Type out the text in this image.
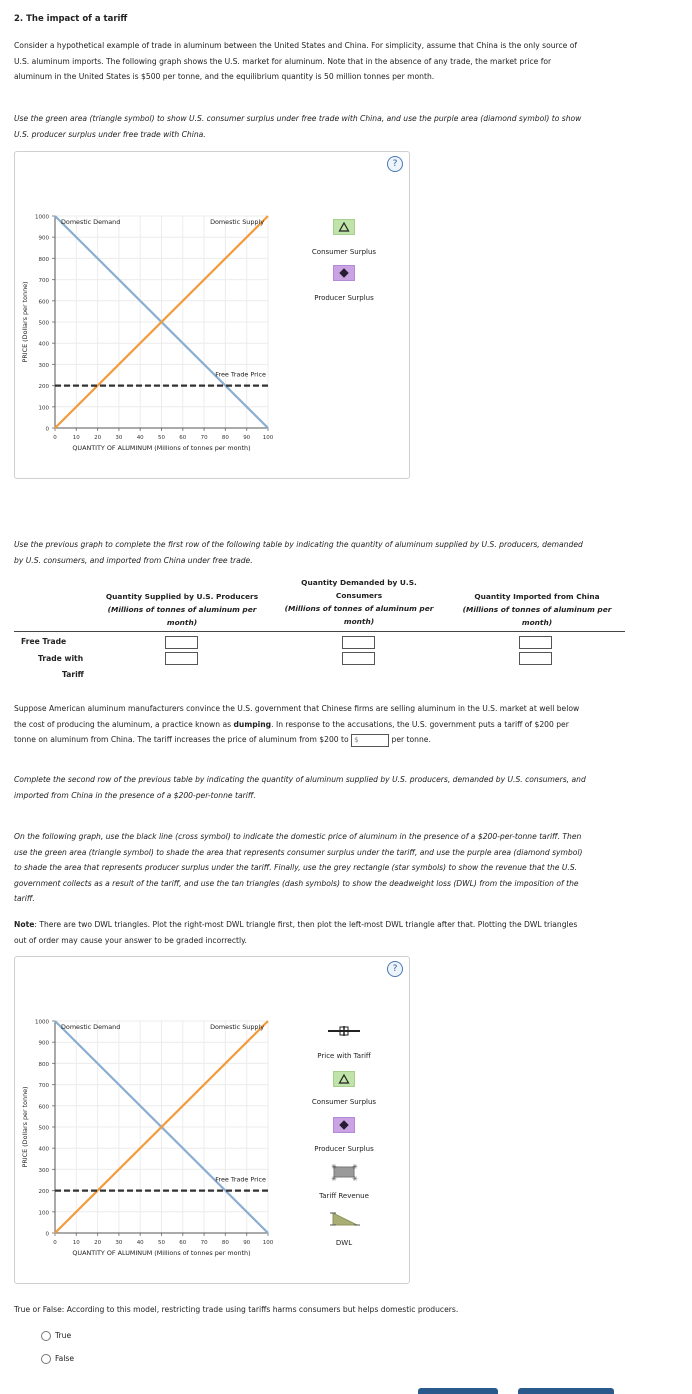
2. The impact of a tariff
Consider a hypothetical example of trade in aluminum between the United States and China. For simplicity, assume that China is the only source of
U.S. aluminum imports. The following graph shows the U.S. market for aluminum. Note that in the absence of any trade, the market price for
aluminum in the United States is $500 per tonne, and the equilibrium quantity is 50 million tonnes per month.
Use the green area (triangle symbol) to show U.S. consumer surplus under free trade with China, and use the purple area (diamond symbol) to show
U.S. producer surplus under free trade with China.
?
0
100
200
300
400
500
600
700
800
900
1000
0	10	20	30	40	50	60	70	80	90 100
QUANTITY OF ALUMINUM (Millions of tonnes per month)
PRICE (Dollars per tonne)
Domestic Demand	Domestic Supply
Free Trade Price
Consumer Surplus
Producer Surplus
Use the previous graph to complete the first row of the following table by indicating the quantity of aluminum supplied by U.S. producers, demanded
by U.S. consumers, and imported from China under free trade.
Quantity Supplied by U.S. Producers
(Millions of tonnes of aluminum per
month)
Quantity Demanded by U.S.
Consumers
(Millions of tonnes of aluminum per
month)
Quantity Imported from China
(Millions of tonnes of aluminum per
month)
Free Trade
Trade with
Tariff
Suppose American aluminum manufacturers convince the U.S. government that Chinese firms are selling aluminum in the U.S. market at well below
the cost of producing the aluminum, a practice known as dumping. In response to the accusations, the U.S. government puts a tariff of $200 per
tonne on aluminum from China. The tariff increases the price of aluminum from $200 to $	per tonne.
Complete the second row of the previous table by indicating the quantity of aluminum supplied by U.S. producers, demanded by U.S. consumers, and
imported from China in the presence of a $200-per-tonne tariff.
On the following graph, use the black line (cross symbol) to indicate the domestic price of aluminum in the presence of a $200-per-tonne tariff. Then
use the green area (triangle symbol) to shade the area that represents consumer surplus under the tariff, and use the purple area (diamond symbol)
to shade the area that represents producer surplus under the tariff. Finally, use the grey rectangle (star symbols) to show the revenue that the U.S.
government collects as a result of the tariff, and use the tan triangles (dash symbols) to show the deadweight loss (DWL) from the imposition of the
tariff.
Note: There are two DWL triangles. Plot the right-most DWL triangle first, then plot the left-most DWL triangle after that. Plotting the DWL triangles
out of order may cause your answer to be graded incorrectly.
?
0
100
200
300
400
500
600
700
800
900
1000
0	10	20	30	40	50	60	70	80	90 100
QUANTITY OF ALUMINUM (Millions of tonnes per month)
PRICE (Dollars per tonne)
Domestic Demand	Domestic Supply
Free Trade Price
Price with Tariff
Consumer Surplus
Producer Surplus
✳ ✳
✳ ✳
Tariff Revenue
DWL
True or False: According to this model, restricting trade using tariffs harms consumers but helps domestic producers.
True
False
